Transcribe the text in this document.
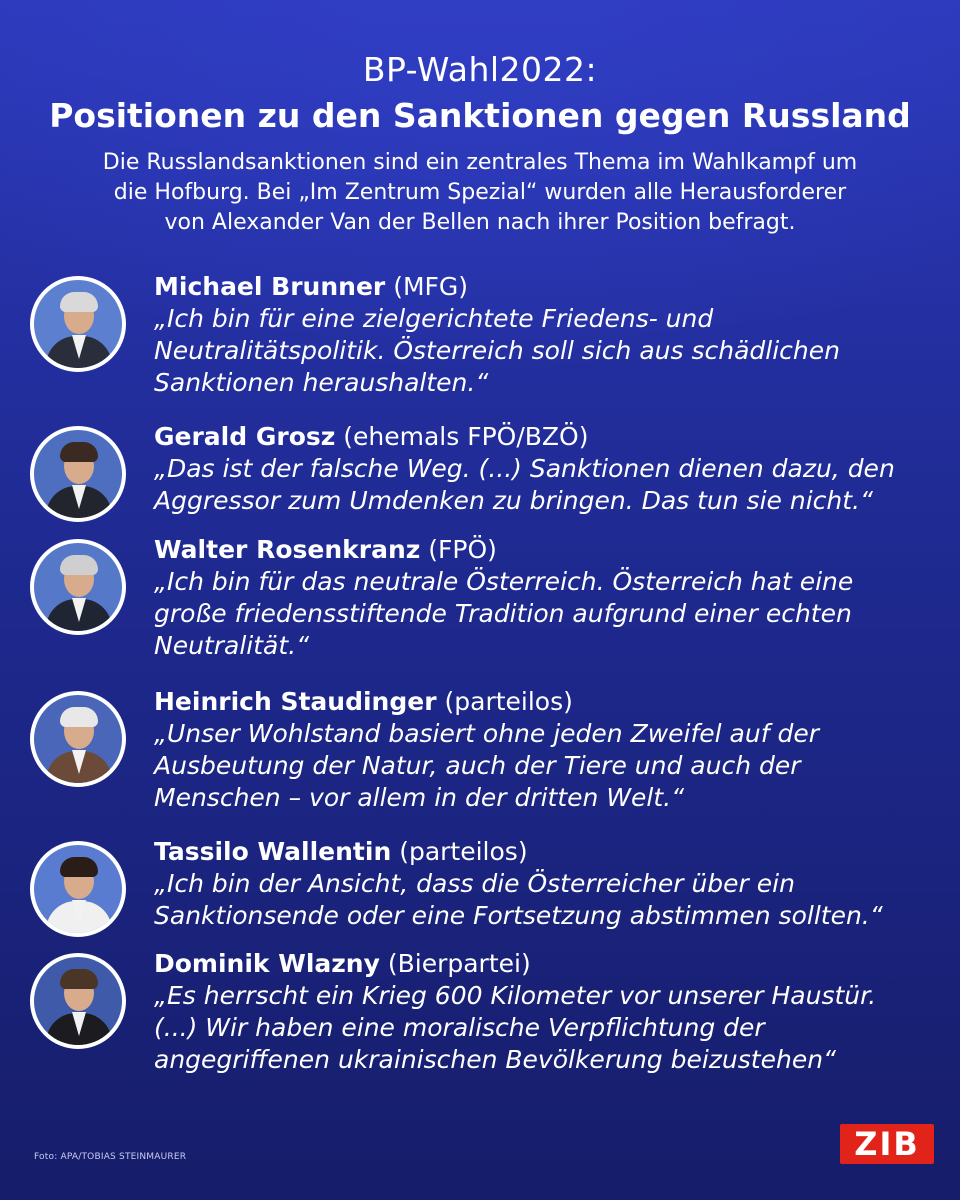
BP-Wahl2022:
Positionen zu den Sanktionen gegen Russland
Die Russlandsanktionen sind ein zentrales Thema im Wahlkampf um
die Hofburg. Bei „Im Zentrum Spezial“ wurden alle Herausforderer
von Alexander Van der Bellen nach ihrer Position befragt.
Michael Brunner (MFG)
„Ich bin für eine zielgerichtete Friedens- und
Neutralitätspolitik. Österreich soll sich aus schädlichen
Sanktionen heraushalten.“
Gerald Grosz (ehemals FPÖ/BZÖ)
„Das ist der falsche Weg. (...) Sanktionen dienen dazu, den
Aggressor zum Umdenken zu bringen. Das tun sie nicht.“
Walter Rosenkranz (FPÖ)
„Ich bin für das neutrale Österreich. Österreich hat eine
große friedensstiftende Tradition aufgrund einer echten
Neutralität.“
Heinrich Staudinger (parteilos)
„Unser Wohlstand basiert ohne jeden Zweifel auf der
Ausbeutung der Natur, auch der Tiere und auch der
Menschen – vor allem in der dritten Welt.“
Tassilo Wallentin (parteilos)
„Ich bin der Ansicht, dass die Österreicher über ein
Sanktionsende oder eine Fortsetzung abstimmen sollten.“
Dominik Wlazny (Bierpartei)
„Es herrscht ein Krieg 600 Kilometer vor unserer Haustür.
(...) Wir haben eine moralische Verpflichtung der
angegriffenen ukrainischen Bevölkerung beizustehen“
Foto: APA/TOBIAS STEINMAURER	ZIB
